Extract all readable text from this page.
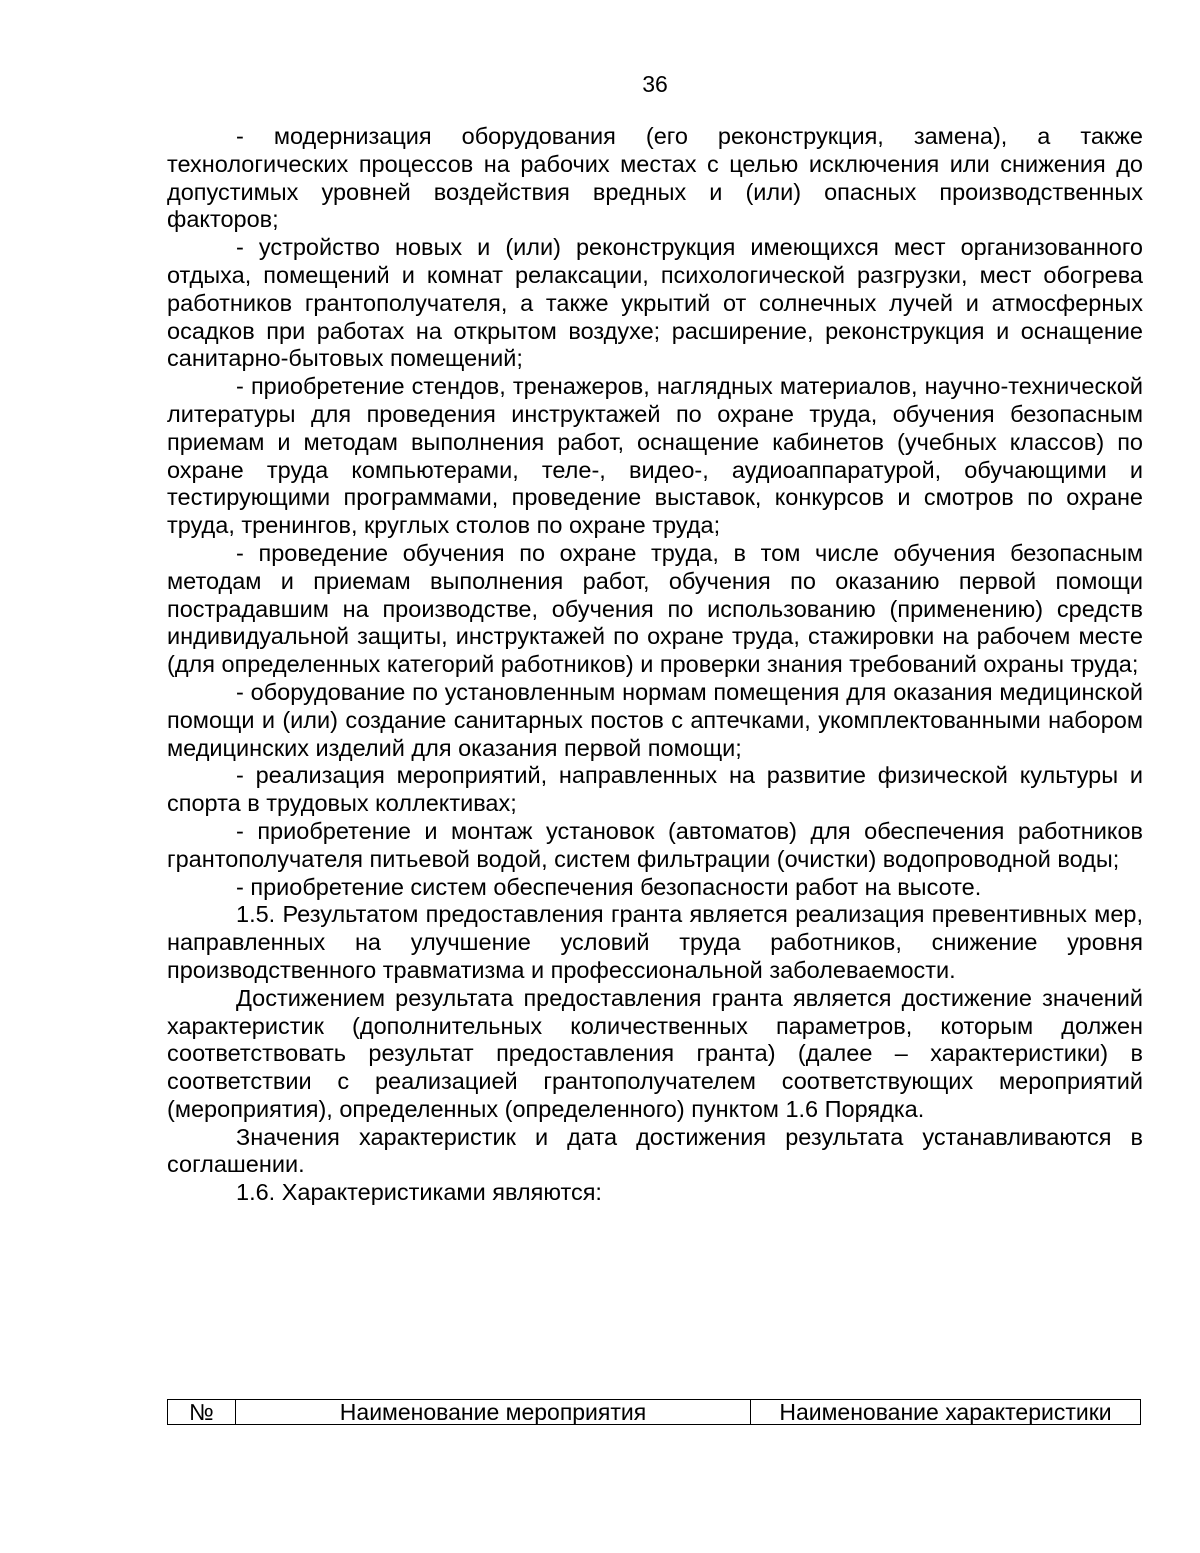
36

- модернизация оборудования (его реконструкция, замена), а также технологических процессов на рабочих местах с целью исключения или снижения до допустимых уровней воздействия вредных и (или) опасных производственных факторов;

- устройство новых и (или) реконструкция имеющихся мест организованного отдыха, помещений и комнат релаксации, психологической разгрузки, мест обогрева работников грантополучателя, а также укрытий от солнечных лучей и атмосферных осадков при работах на открытом воздухе; расширение, реконструкция и оснащение санитарно-бытовых помещений;

- приобретение стендов, тренажеров, наглядных материалов, научно-технической литературы для проведения инструктажей по охране труда, обучения безопасным приемам и методам выполнения работ, оснащение кабинетов (учебных классов) по охране труда компьютерами, теле-, видео-, аудиоаппаратурой, обучающими и тестирующими программами, проведение выставок, конкурсов и смотров по охране труда, тренингов, круглых столов по охране труда;

- проведение обучения по охране труда, в том числе обучения безопасным методам и приемам выполнения работ, обучения по оказанию первой помощи пострадавшим на производстве, обучения по использованию (применению) средств индивидуальной защиты, инструктажей по охране труда, стажировки на рабочем месте (для определенных категорий работников) и проверки знания требований охраны труда;

- оборудование по установленным нормам помещения для оказания медицинской помощи и (или) создание санитарных постов с аптечками, укомплектованными набором медицинских изделий для оказания первой помощи;

- реализация мероприятий, направленных на развитие физической культуры и спорта в трудовых коллективах;

- приобретение и монтаж установок (автоматов) для обеспечения работников грантополучателя питьевой водой, систем фильтрации (очистки) водопроводной воды;

- приобретение систем обеспечения безопасности работ на высоте.

1.5. Результатом предоставления гранта является реализация превентивных мер, направленных на улучшение условий труда работников, снижение уровня производственного травматизма и профессиональной заболеваемости.

Достижением результата предоставления гранта является достижение значений характеристик (дополнительных количественных параметров, которым должен соответствовать результат предоставления гранта) (далее – характеристики) в соответствии с реализацией грантополучателем соответствующих мероприятий (мероприятия), определенных (определенного) пунктом 1.6 Порядка.

Значения характеристик и дата достижения результата устанавливаются в соглашении.

1.6. Характеристиками являются:

№	Наименование мероприятия	Наименование характеристики
